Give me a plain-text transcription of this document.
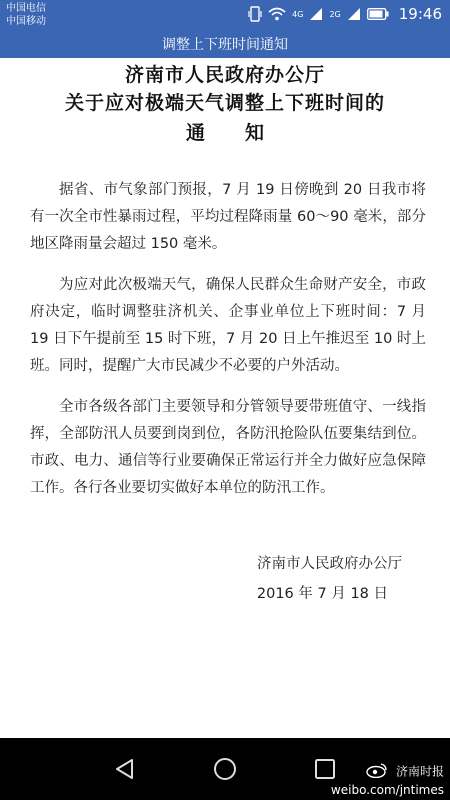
中国电信
中国移动
4G	2G	19:46
调整上下班时间通知
济南市人民政府办公厅
关于应对极端天气调整上下班时间的
通知
据省、市气象部门预报，7 月 19 日傍晚到 20 日我市将有一次全市性暴雨过程，平均过程降雨量 60～90 毫米，部分地区降雨量会超过 150 毫米。
为应对此次极端天气，确保人民群众生命财产安全，市政府决定，临时调整驻济机关、企事业单位上下班时间：7 月 19 日下午提前至 15 时下班，7 月 20 日上午推迟至 10 时上班。同时，提醒广大市民减少不必要的户外活动。
全市各级各部门主要领导和分管领导要带班值守、一线指挥，全部防汛人员要到岗到位，各防汛抢险队伍要集结到位。市政、电力、通信等行业要确保正常运行并全力做好应急保障工作。各行各业要切实做好本单位的防汛工作。
济南市人民政府办公厅
2016 年 7 月 18 日
济南时报
weibo.com/jntimes
